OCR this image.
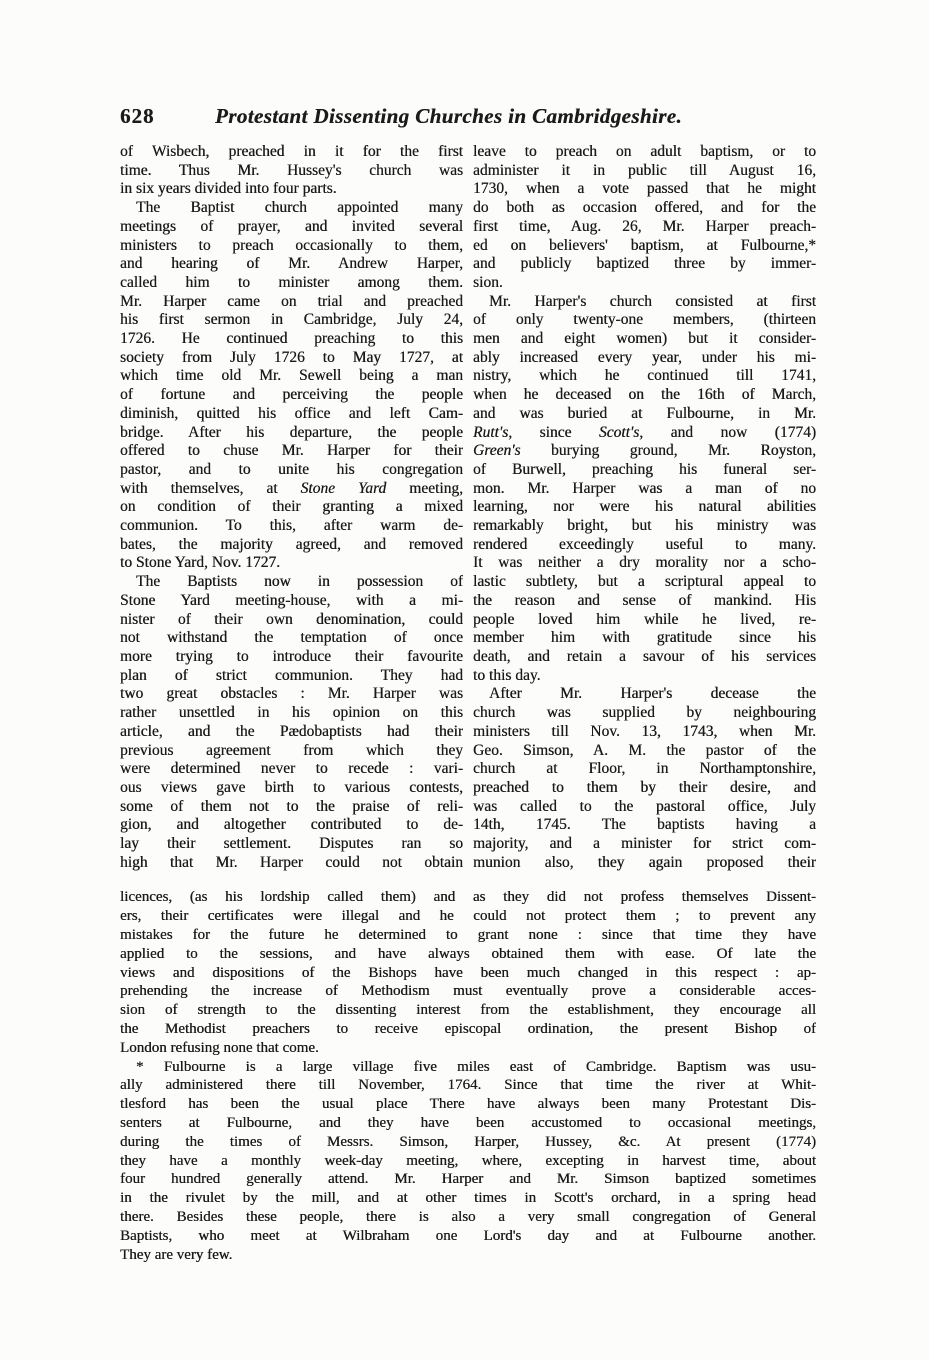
628	Protestant Dissenting Churches in Cambridgeshire.
of Wisbech, preached in it for the first
time. Thus Mr. Hussey's church was
in six years divided into four parts.
The Baptist church appointed many
meetings of prayer, and invited several
ministers to preach occasionally to them,
and hearing of Mr. Andrew Harper,
called him to minister among them.
Mr. Harper came on trial and preached
his first sermon in Cambridge, July 24,
1726. He continued preaching to this
society from July 1726 to May 1727, at
which time old Mr. Sewell being a man
of fortune and perceiving the people
diminish, quitted his office and left Cam-
bridge. After his departure, the people
offered to chuse Mr. Harper for their
pastor, and to unite his congregation
with themselves, at Stone Yard meeting,
on condition of their granting a mixed
communion. To this, after warm de-
bates, the majority agreed, and removed
to Stone Yard, Nov. 1727.
The Baptists now in possession of
Stone Yard meeting-house, with a mi-
nister of their own denomination, could
not withstand the temptation of once
more trying to introduce their favourite
plan of strict communion. They had
two great obstacles : Mr. Harper was
rather unsettled in his opinion on this
article, and the Pædobaptists had their
previous agreement from which they
were determined never to recede : vari-
ous views gave birth to various contests,
some of them not to the praise of reli-
gion, and altogether contributed to de-
lay their settlement. Disputes ran so
high that Mr. Harper could not obtain
leave to preach on adult baptism, or to
administer it in public till August 16,
1730, when a vote passed that he might
do both as occasion offered, and for the
first time, Aug. 26, Mr. Harper preach-
ed on believers' baptism, at Fulbourne,*
and publicly baptized three by immer-
sion.
Mr. Harper's church consisted at first
of only twenty-one members, (thirteen
men and eight women) but it consider-
ably increased every year, under his mi-
nistry, which he continued till 1741,
when he deceased on the 16th of March,
and was buried at Fulbourne, in Mr.
Rutt's, since Scott's, and now (1774)
Green's burying ground, Mr. Royston,
of Burwell, preaching his funeral ser-
mon. Mr. Harper was a man of no
learning, nor were his natural abilities
remarkably bright, but his ministry was
rendered exceedingly useful to many.
It was neither a dry morality nor a scho-
lastic subtlety, but a scriptural appeal to
the reason and sense of mankind. His
people loved him while he lived, re-
member him with gratitude since his
death, and retain a savour of his services
to this day.
After Mr. Harper's decease the
church was supplied by neighbouring
ministers till Nov. 13, 1743, when Mr.
Geo. Simson, A. M. the pastor of the
church at Floor, in Northamptonshire,
preached to them by their desire, and
was called to the pastoral office, July
14th, 1745. The baptists having a
majority, and a minister for strict com-
munion also, they again proposed their
licences, (as his lordship called them) and as they did not profess themselves Dissent-
ers, their certificates were illegal and he could not protect them ; to prevent any
mistakes for the future he determined to grant none : since that time they have
applied to the sessions, and have always obtained them with ease. Of late the
views and dispositions of the Bishops have been much changed in this respect : ap-
prehending the increase of Methodism must eventually prove a considerable acces-
sion of strength to the dissenting interest from the establishment, they encourage all
the Methodist preachers to receive episcopal ordination, the present Bishop of
London refusing none that come.
* Fulbourne is a large village five miles east of Cambridge. Baptism was usu-
ally administered there till November, 1764. Since that time the river at Whit-
tlesford has been the usual place There have always been many Protestant Dis-
senters at Fulbourne, and they have been accustomed to occasional meetings,
during the times of Messrs. Simson, Harper, Hussey, &c. At present (1774)
they have a monthly week-day meeting, where, excepting in harvest time, about
four hundred generally attend. Mr. Harper and Mr. Simson baptized sometimes
in the rivulet by the mill, and at other times in Scott's orchard, in a spring head
there. Besides these people, there is also a very small congregation of General
Baptists, who meet at Wilbraham one Lord's day and at Fulbourne another.
They are very few.
